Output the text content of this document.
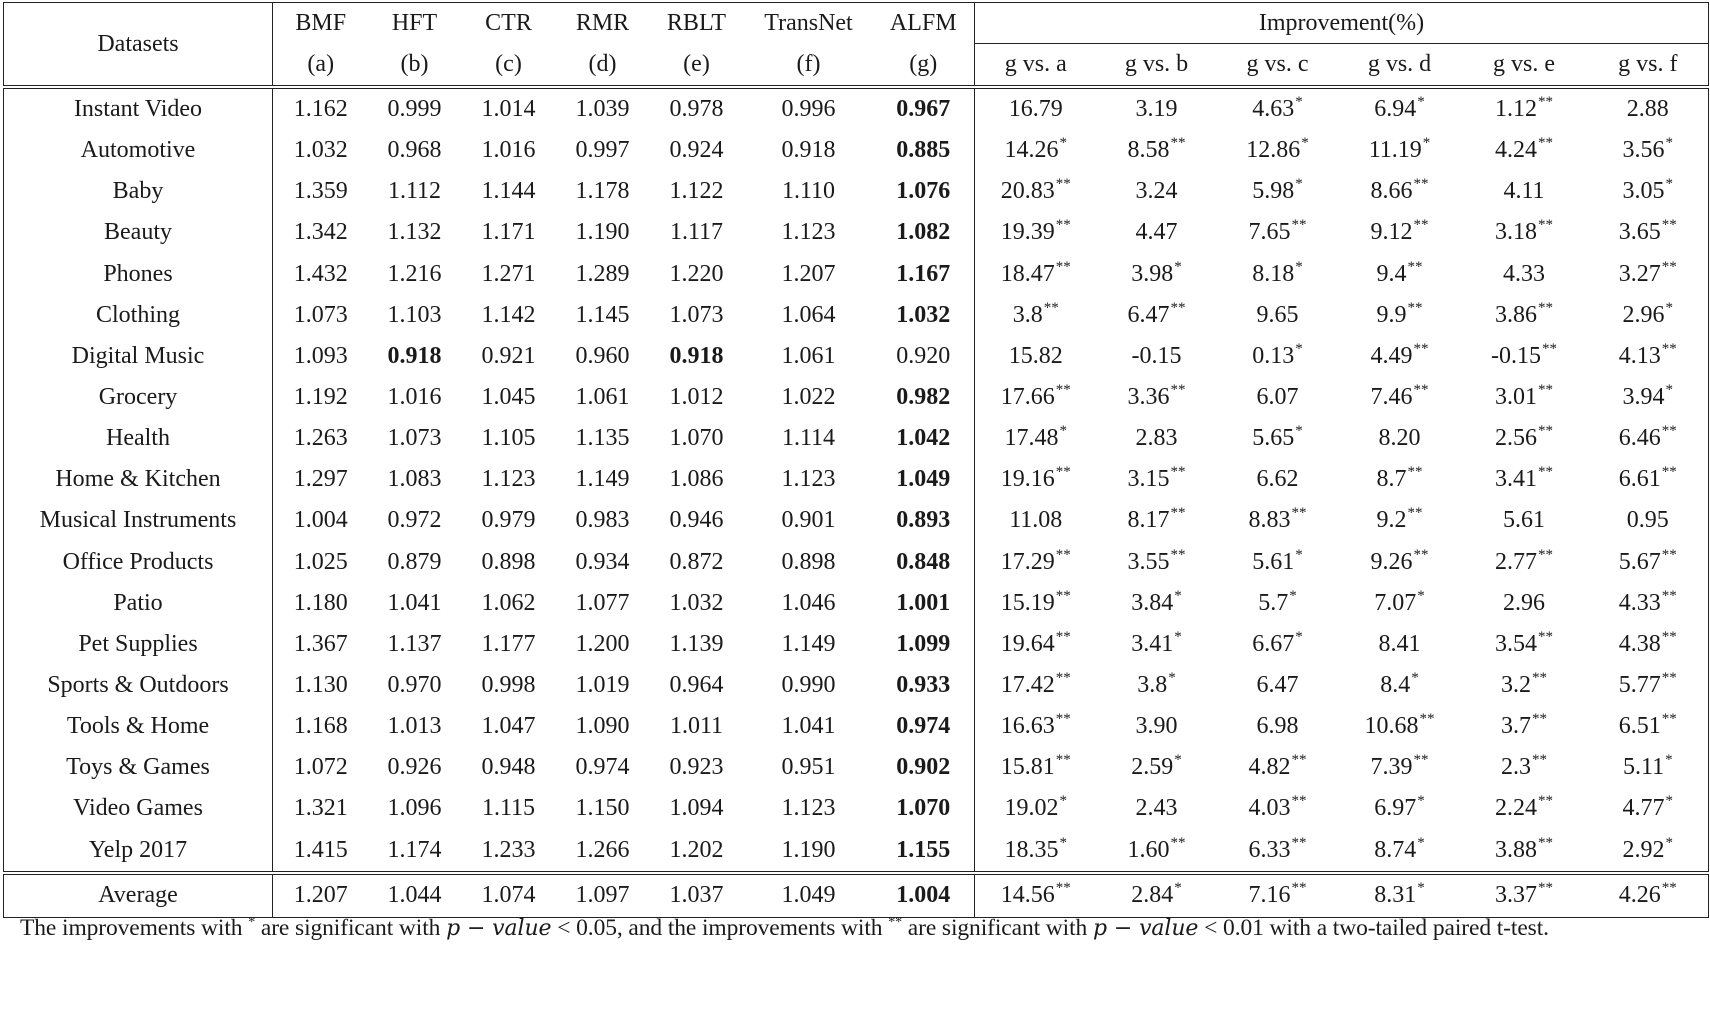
Datasets	BMF	HFT	CTR	RMR	RBLT	TransNet	ALFM	Improvement(%)					
	(a)	(b)	(c)	(d)	(e)	(f)	(g)	g vs. a	g vs. b	g vs. c	g vs. d	g vs. e	g vs. f
Instant Video	1.162	0.999	1.014	1.039	0.978	0.996	0.967	16.79	3.19	4.63*	6.94*	1.12**	2.88
Automotive	1.032	0.968	1.016	0.997	0.924	0.918	0.885	14.26*	8.58**	12.86*	11.19*	4.24**	3.56*
Baby	1.359	1.112	1.144	1.178	1.122	1.110	1.076	20.83**	3.24	5.98*	8.66**	4.11	3.05*
Beauty	1.342	1.132	1.171	1.190	1.117	1.123	1.082	19.39**	4.47	7.65**	9.12**	3.18**	3.65**
Phones	1.432	1.216	1.271	1.289	1.220	1.207	1.167	18.47**	3.98*	8.18*	9.4**	4.33	3.27**
Clothing	1.073	1.103	1.142	1.145	1.073	1.064	1.032	3.8**	6.47**	9.65	9.9**	3.86**	2.96*
Digital Music	1.093	0.918	0.921	0.960	0.918	1.061	0.920	15.82	-0.15	0.13*	4.49**	-0.15**	4.13**
Grocery	1.192	1.016	1.045	1.061	1.012	1.022	0.982	17.66**	3.36**	6.07	7.46**	3.01**	3.94*
Health	1.263	1.073	1.105	1.135	1.070	1.114	1.042	17.48*	2.83	5.65*	8.20	2.56**	6.46**
Home & Kitchen	1.297	1.083	1.123	1.149	1.086	1.123	1.049	19.16**	3.15**	6.62	8.7**	3.41**	6.61**
Musical Instruments	1.004	0.972	0.979	0.983	0.946	0.901	0.893	11.08	8.17**	8.83**	9.2**	5.61	0.95
Office Products	1.025	0.879	0.898	0.934	0.872	0.898	0.848	17.29**	3.55**	5.61*	9.26**	2.77**	5.67**
Patio	1.180	1.041	1.062	1.077	1.032	1.046	1.001	15.19**	3.84*	5.7*	7.07*	2.96	4.33**
Pet Supplies	1.367	1.137	1.177	1.200	1.139	1.149	1.099	19.64**	3.41*	6.67*	8.41	3.54**	4.38**
Sports & Outdoors	1.130	0.970	0.998	1.019	0.964	0.990	0.933	17.42**	3.8*	6.47	8.4*	3.2**	5.77**
Tools & Home	1.168	1.013	1.047	1.090	1.011	1.041	0.974	16.63**	3.90	6.98	10.68**	3.7**	6.51**
Toys & Games	1.072	0.926	0.948	0.974	0.923	0.951	0.902	15.81**	2.59*	4.82**	7.39**	2.3**	5.11*
Video Games	1.321	1.096	1.115	1.150	1.094	1.123	1.070	19.02*	2.43	4.03**	6.97*	2.24**	4.77*
Yelp 2017	1.415	1.174	1.233	1.266	1.202	1.190	1.155	18.35*	1.60**	6.33**	8.74*	3.88**	2.92*
Average	1.207	1.044	1.074	1.097	1.037	1.049	1.004	14.56**	2.84*	7.16**	8.31*	3.37**	4.26**
The improvements with * are significant with p − value < 0.05, and the improvements with ** are significant with p − value < 0.01 with a two-tailed paired t-test.
